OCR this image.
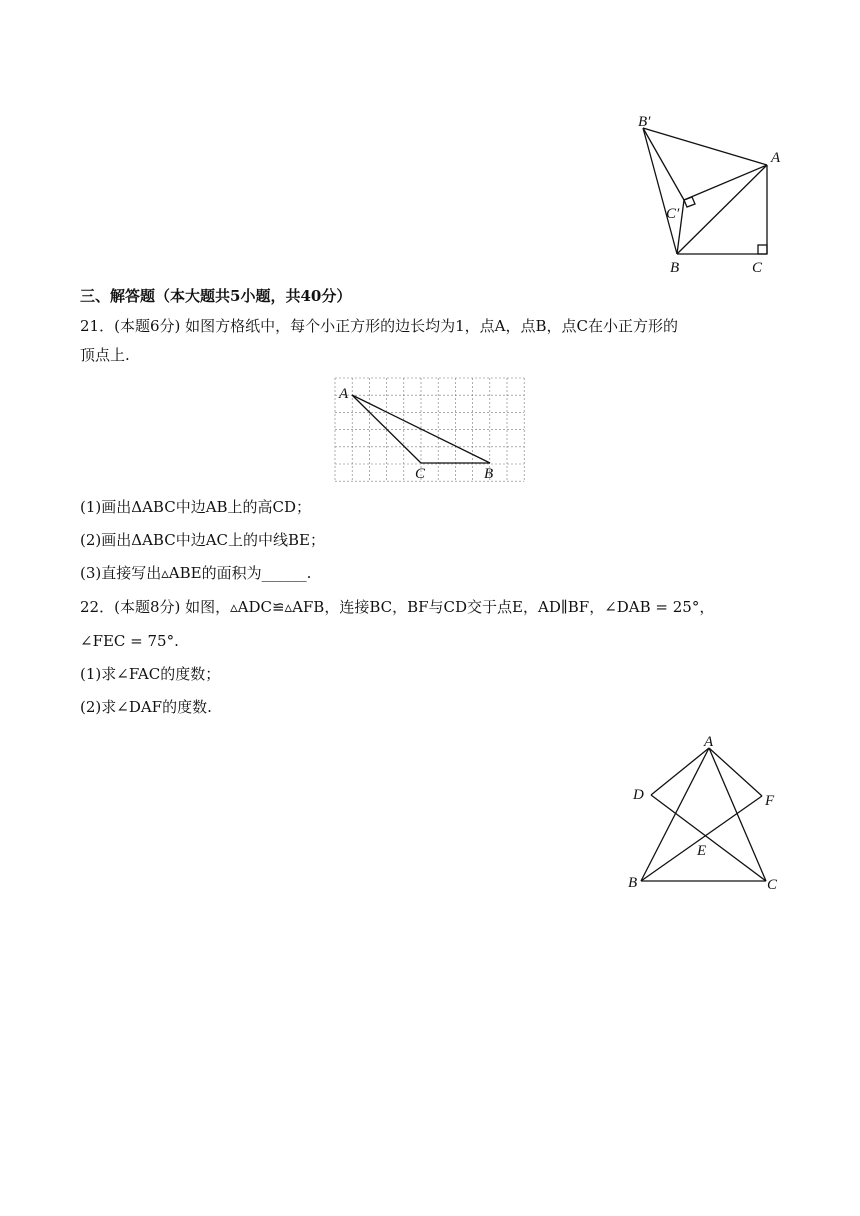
B′
A
C′
B	C
三、解答题（本大题共5小题，共40分）
21．(本题6分) 如图方格纸中，每个小正方形的边长均为1，点A，点B，点C在小正方形的
顶点上.
A
C	B
(1)画出ΔABC中边AB上的高CD；
(2)画出ΔABC中边AC上的中线BE；
(3)直接写出▵ABE的面积为______.
22．(本题8分) 如图，▵ADC≌▵AFB，连接BC，BF与CD交于点E，AD∥BF，∠DAB = 25°，
∠FEC = 75°.
(1)求∠FAC的度数；
(2)求∠DAF的度数.
A
D	F
E
B	C
